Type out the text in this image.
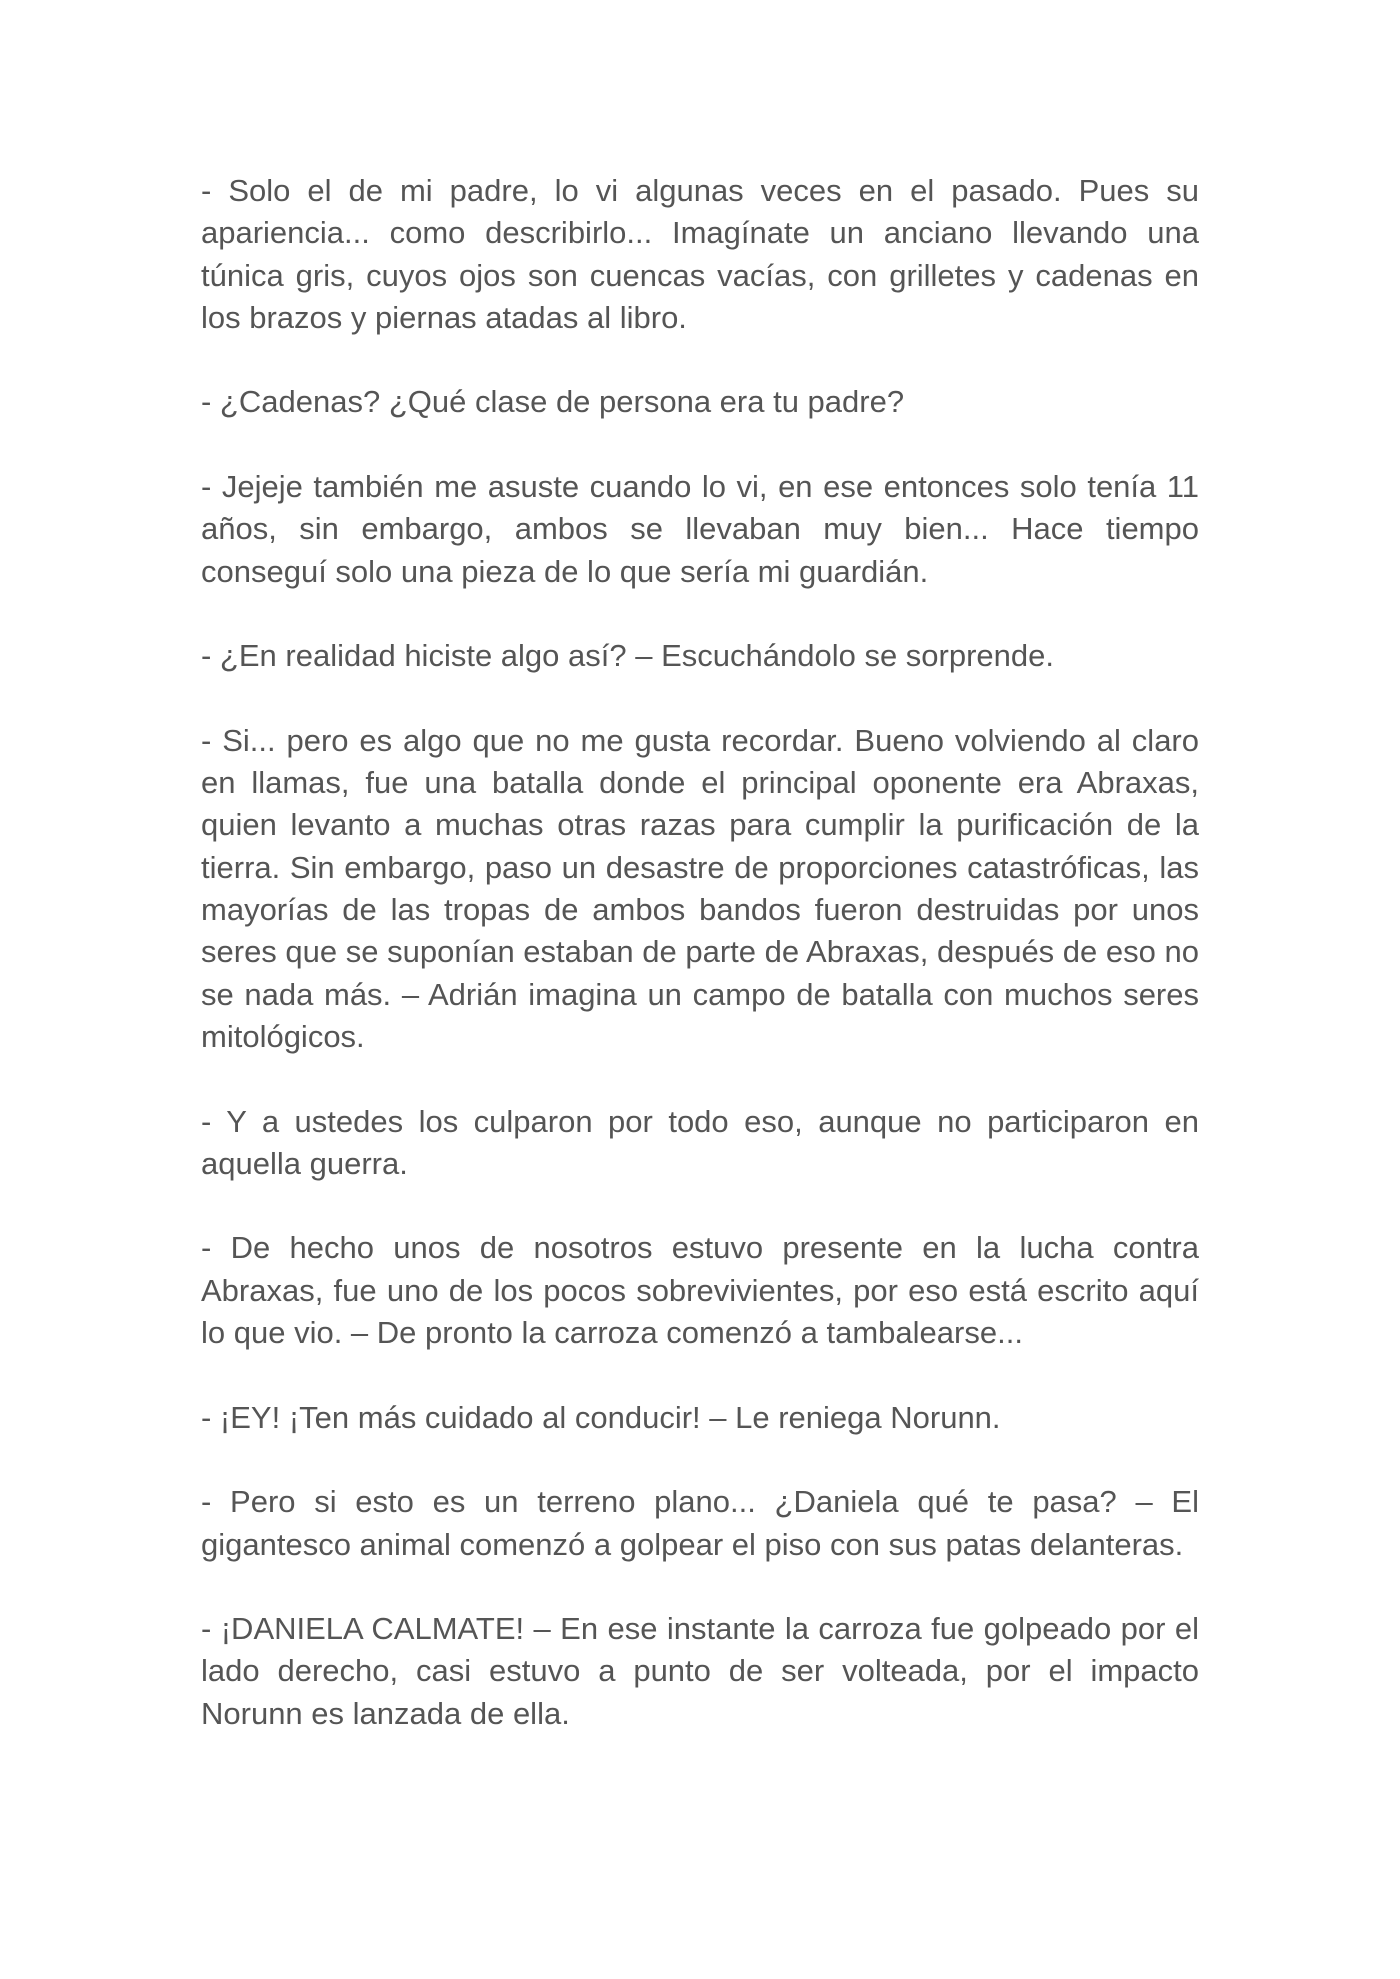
- Solo el de mi padre, lo vi algunas veces en el pasado. Pues su apariencia... como describirlo... Imagínate un anciano llevando una túnica gris, cuyos ojos son cuencas vacías, con grilletes y cadenas en los brazos y piernas atadas al libro.

- ¿Cadenas? ¿Qué clase de persona era tu padre?

- Jejeje también me asuste cuando lo vi, en ese entonces solo tenía 11 años, sin embargo, ambos se llevaban muy bien... Hace tiempo conseguí solo una pieza de lo que sería mi guardián.

- ¿En realidad hiciste algo así? – Escuchándolo se sorprende.

- Si... pero es algo que no me gusta recordar. Bueno volviendo al claro en llamas, fue una batalla donde el principal oponente era Abraxas, quien levanto a muchas otras razas para cumplir la purificación de la tierra. Sin embargo, paso un desastre de proporciones catastróficas, las mayorías de las tropas de ambos bandos fueron destruidas por unos seres que se suponían estaban de parte de Abraxas, después de eso no se nada más. – Adrián imagina un campo de batalla con muchos seres mitológicos.

- Y a ustedes los culparon por todo eso, aunque no participaron en aquella guerra.

- De hecho unos de nosotros estuvo presente en la lucha contra Abraxas, fue uno de los pocos sobrevivientes, por eso está escrito aquí lo que vio. – De pronto la carroza comenzó a tambalearse...

- ¡EY! ¡Ten más cuidado al conducir! – Le reniega Norunn.

- Pero si esto es un terreno plano... ¿Daniela qué te pasa? – El gigantesco animal comenzó a golpear el piso con sus patas delanteras.

- ¡DANIELA CALMATE! – En ese instante la carroza fue golpeado por el lado derecho, casi estuvo a punto de ser volteada, por el impacto Norunn es lanzada de ella.
